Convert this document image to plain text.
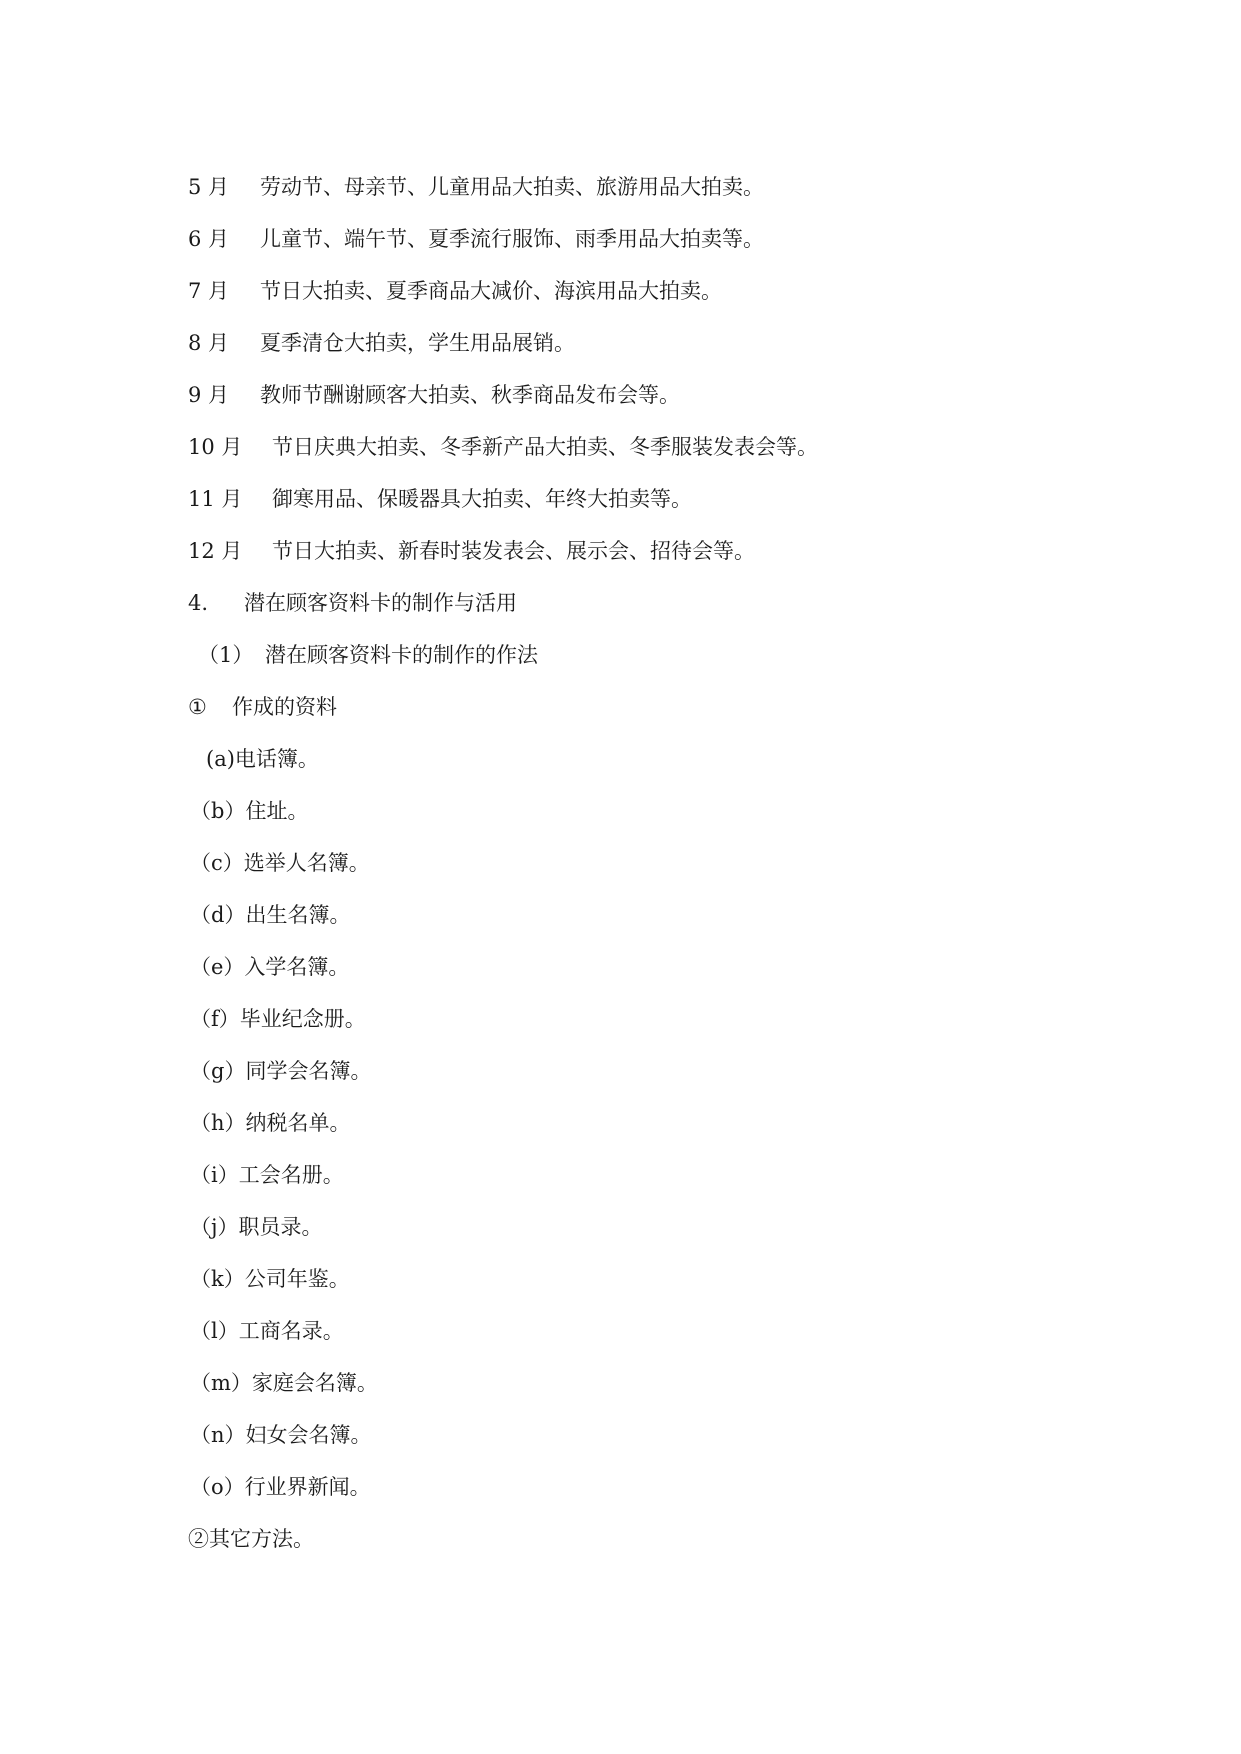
5 月 劳动节、母亲节、儿童用品大拍卖、旅游用品大拍卖。
6 月 儿童节、端午节、夏季流行服饰、雨季用品大拍卖等。
7 月 节日大拍卖、夏季商品大减价、海滨用品大拍卖。
8 月 夏季清仓大拍卖，学生用品展销。
9 月 教师节酬谢顾客大拍卖、秋季商品发布会等。
10 月 节日庆典大拍卖、冬季新产品大拍卖、冬季服装发表会等。
11 月 御寒用品、保暖器具大拍卖、年终大拍卖等。
12 月 节日大拍卖、新春时装发表会、展示会、招待会等。
4. 潜在顾客资料卡的制作与活用
（1） 潜在顾客资料卡的制作的作法
① 作成的资料
(a)电话簿。
（b）住址。
（c）选举人名簿。
（d）出生名簿。
（e）入学名簿。
（f）毕业纪念册。
（g）同学会名簿。
（h）纳税名单。
（i）工会名册。
（j）职员录。
（k）公司年鉴。
（l）工商名录。
（m）家庭会名簿。
（n）妇女会名簿。
（o）行业界新闻。
②其它方法。
